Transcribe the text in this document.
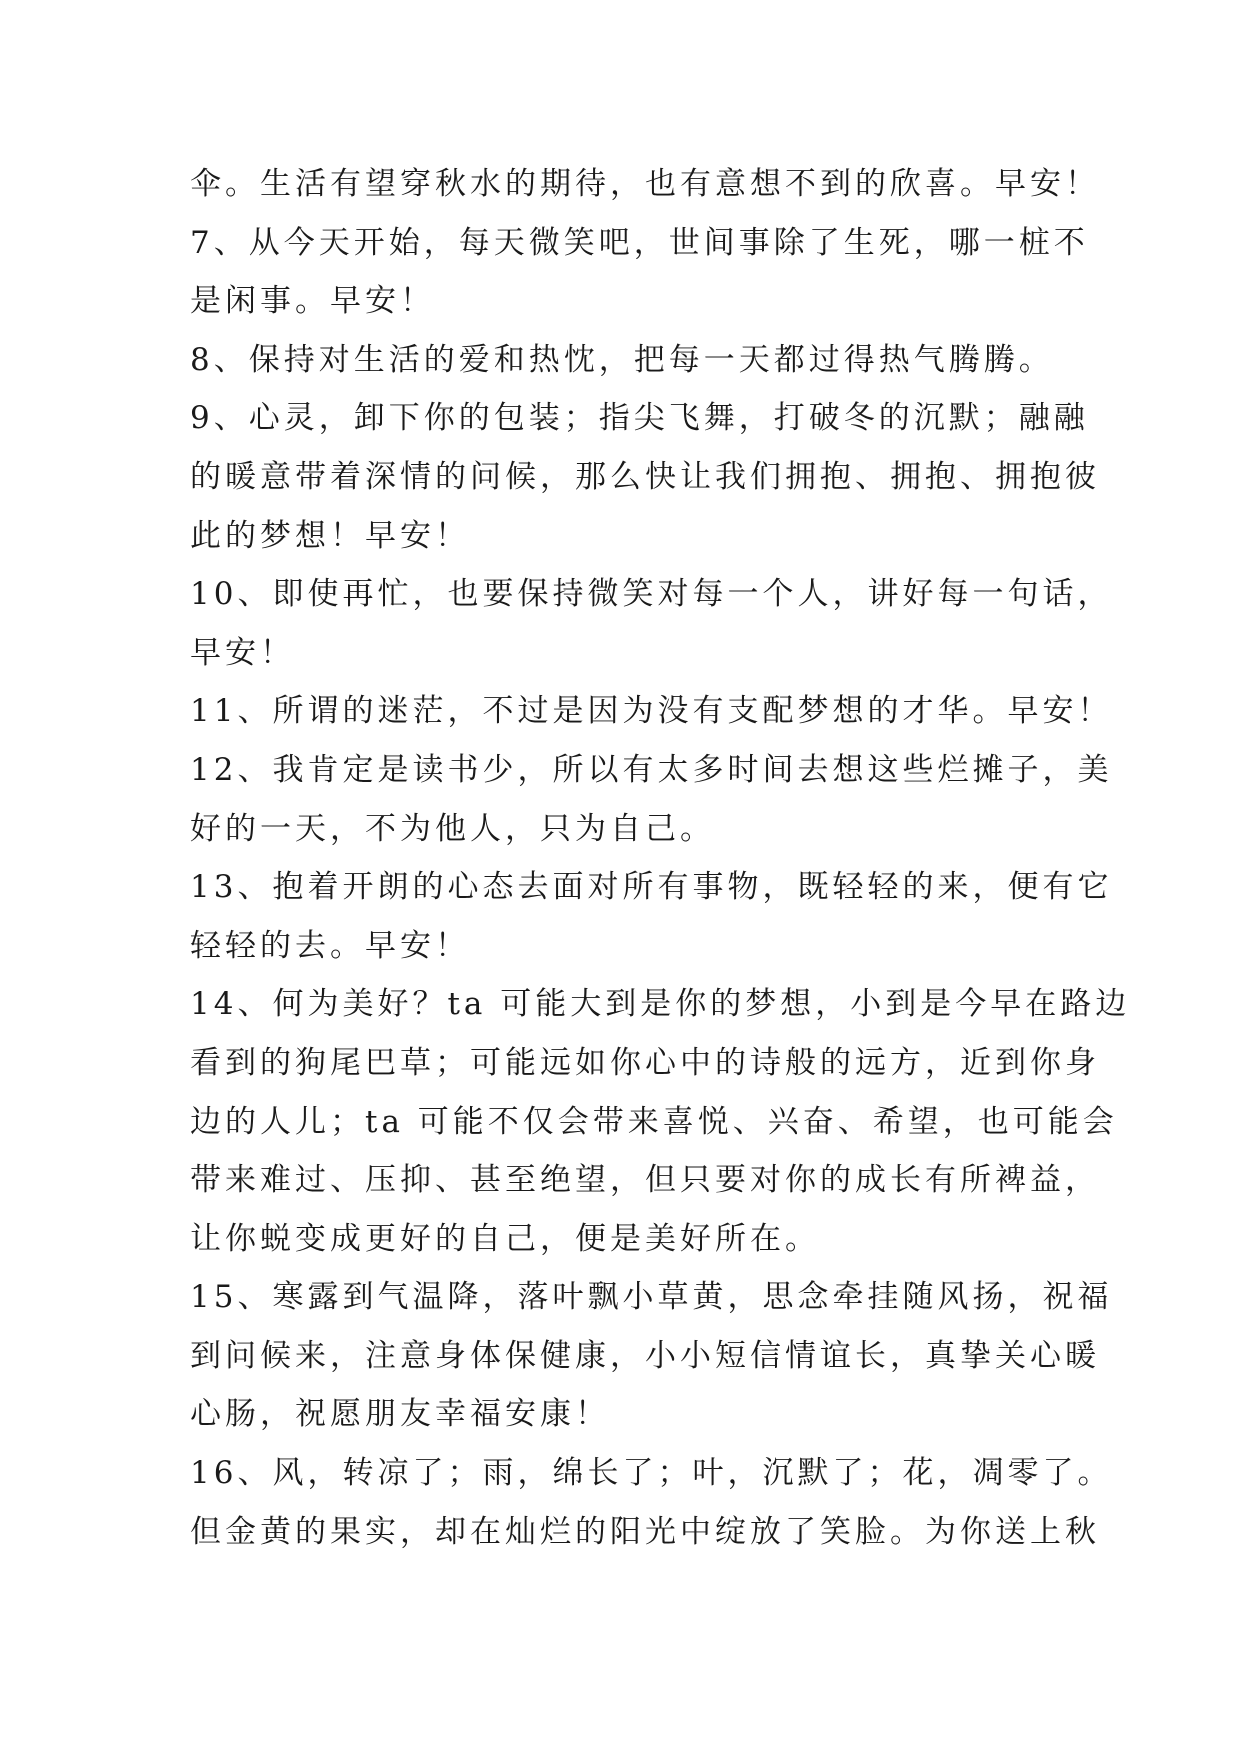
伞。生活有望穿秋水的期待，也有意想不到的欣喜。早安！
7、从今天开始，每天微笑吧，世间事除了生死，哪一桩不
是闲事。早安！
8、保持对生活的爱和热忱，把每一天都过得热气腾腾。
9、心灵，卸下你的包装；指尖飞舞，打破冬的沉默；融融
的暖意带着深情的问候，那么快让我们拥抱、拥抱、拥抱彼
此的梦想！早安！
10、即使再忙，也要保持微笑对每一个人，讲好每一句话，
早安！
11、所谓的迷茫，不过是因为没有支配梦想的才华。早安！
12、我肯定是读书少，所以有太多时间去想这些烂摊子，美
好的一天，不为他人，只为自己。
13、抱着开朗的心态去面对所有事物，既轻轻的来，便有它
轻轻的去。早安！
14、何为美好？ta 可能大到是你的梦想，小到是今早在路边
看到的狗尾巴草；可能远如你心中的诗般的远方，近到你身
边的人儿；ta 可能不仅会带来喜悦、兴奋、希望，也可能会
带来难过、压抑、甚至绝望，但只要对你的成长有所裨益，
让你蜕变成更好的自己，便是美好所在。
15、寒露到气温降，落叶飘小草黄，思念牵挂随风扬，祝福
到问候来，注意身体保健康，小小短信情谊长，真挚关心暖
心肠，祝愿朋友幸福安康！
16、风，转凉了；雨，绵长了；叶，沉默了；花，凋零了。
但金黄的果实，却在灿烂的阳光中绽放了笑脸。为你送上秋
